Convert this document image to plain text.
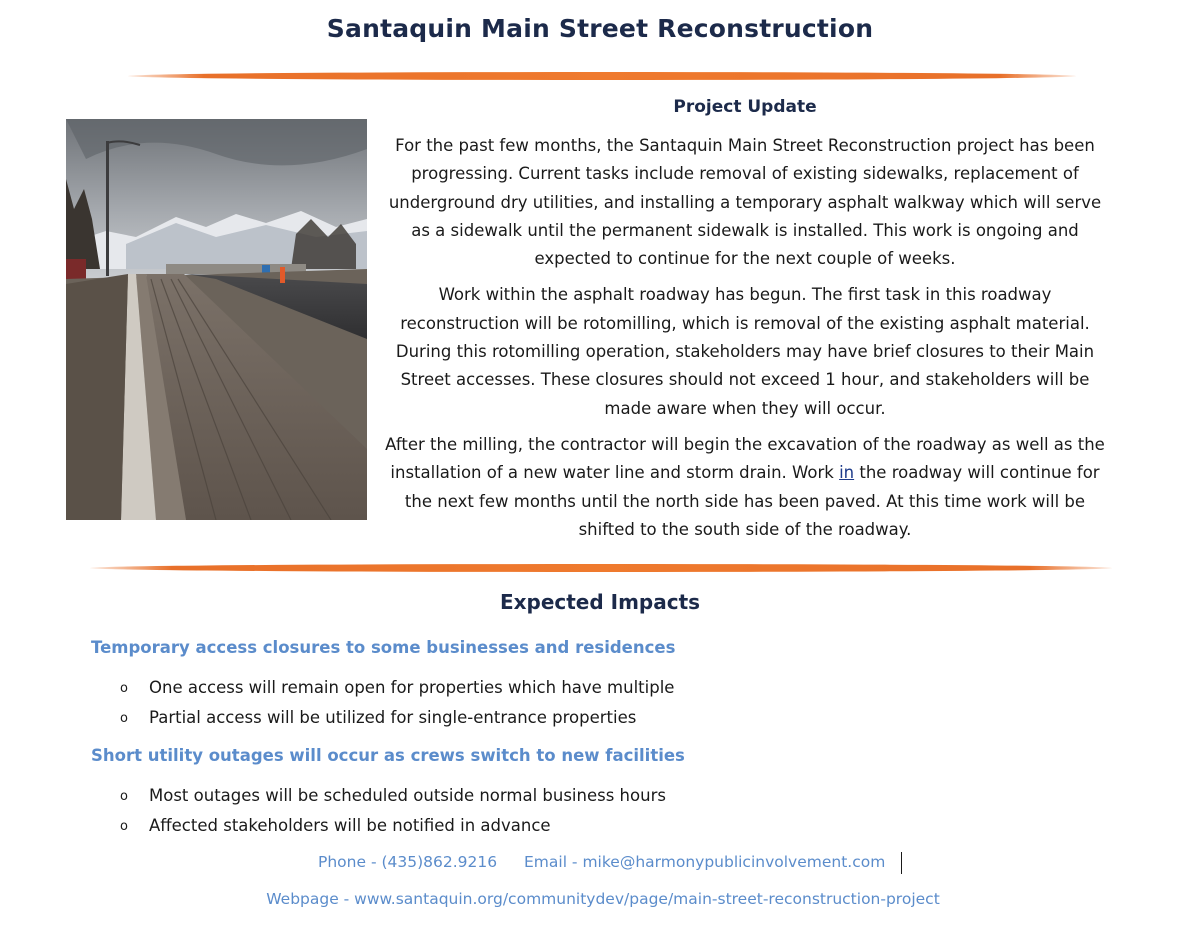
Santaquin Main Street Reconstruction
Project Update

For the past few months, the Santaquin Main Street Reconstruction project has been progressing. Current tasks include removal of existing sidewalks, replacement of underground dry utilities, and installing a temporary asphalt walkway which will serve as a sidewalk until the permanent sidewalk is installed. This work is ongoing and expected to continue for the next couple of weeks.

Work within the asphalt roadway has begun. The first task in this roadway reconstruction will be rotomilling, which is removal of the existing asphalt material. During this rotomilling operation, stakeholders may have brief closures to their Main Street accesses. These closures should not exceed 1 hour, and stakeholders will be made aware when they will occur.

After the milling, the contractor will begin the excavation of the roadway as well as the installation of a new water line and storm drain. Work in the roadway will continue for the next few months until the north side has been paved. At this time work will be shifted to the south side of the roadway.

Expected Impacts
Temporary access closures to some businesses and residences
o	One access will remain open for properties which have multiple
o	Partial access will be utilized for single-entrance properties
Short utility outages will occur as crews switch to new facilities
o	Most outages will be scheduled outside normal business hours
o	Affected stakeholders will be notified in advance
Phone - (435)862.9216 Email - mike@harmonypublicinvolvement.com
Webpage - www.santaquin.org/communitydev/page/main-street-reconstruction-project
